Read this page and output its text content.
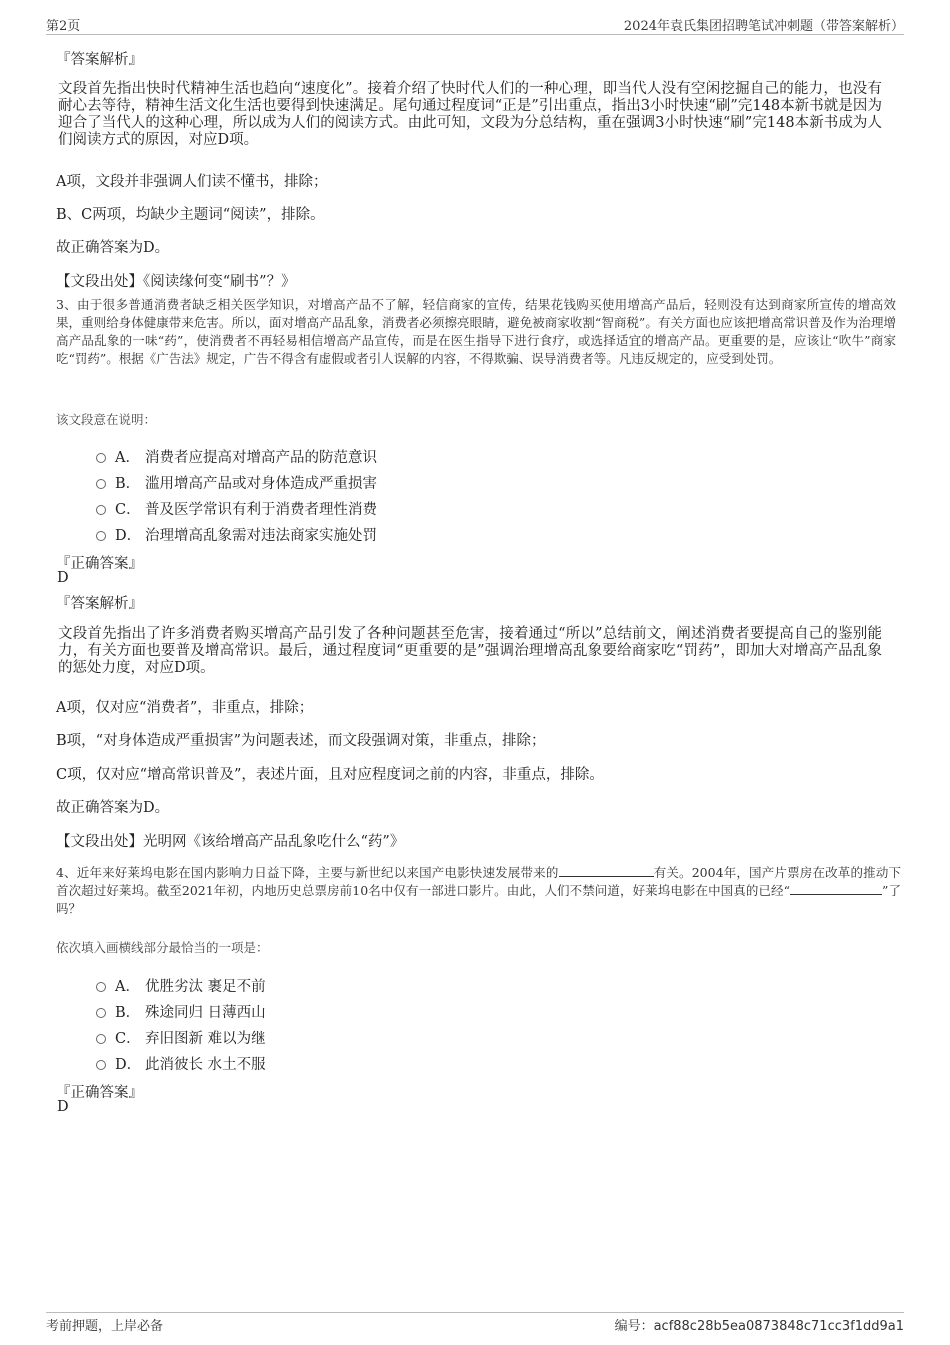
第2页	2024年袁氏集团招聘笔试冲刺题（带答案解析）
『答案解析』

文段首先指出快时代精神生活也趋向“速度化”。接着介绍了快时代人们的一种心理，即当代人没有空闲挖掘自己的能力，也没有耐心去等待，精神生活文化生活也要得到快速满足。尾句通过程度词“正是”引出重点，指出3小时快速“刷”完148本新书就是因为迎合了当代人的这种心理，所以成为人们的阅读方式。由此可知，文段为分总结构，重在强调3小时快速“刷”完148本新书成为人们阅读方式的原因，对应D项。

A项，文段并非强调人们读不懂书，排除；
B、C两项，均缺少主题词“阅读”，排除。
故正确答案为D。
【文段出处】《阅读缘何变“刷书”？》

3、由于很多普通消费者缺乏相关医学知识，对增高产品不了解，轻信商家的宣传，结果花钱购买使用增高产品后，轻则没有达到商家所宣传的增高效果，重则给身体健康带来危害。所以，面对增高产品乱象，消费者必须擦亮眼睛，避免被商家收割“智商税”。有关方面也应该把增高常识普及作为治理增高产品乱象的一味“药”，使消费者不再轻易相信增高产品宣传，而是在医生指导下进行食疗，或选择适宜的增高产品。更重要的是，应该让“吹牛”商家吃“罚药”。根据《广告法》规定，广告不得含有虚假或者引人误解的内容，不得欺骗、误导消费者等。凡违反规定的，应受到处罚。

该文段意在说明：
A． 消费者应提高对增高产品的防范意识
B． 滥用增高产品或对身体造成严重损害
C． 普及医学常识有利于消费者理性消费
D． 治理增高乱象需对违法商家实施处罚
『正确答案』
D
『答案解析』

文段首先指出了许多消费者购买增高产品引发了各种问题甚至危害，接着通过“所以”总结前文，阐述消费者要提高自己的鉴别能力，有关方面也要普及增高常识。最后，通过程度词“更重要的是”强调治理增高乱象要给商家吃“罚药”，即加大对增高产品乱象的惩处力度，对应D项。

A项，仅对应“消费者”，非重点，排除；
B项，“对身体造成严重损害”为问题表述，而文段强调对策，非重点，排除；
C项，仅对应“增高常识普及”，表述片面，且对应程度词之前的内容，非重点，排除。
故正确答案为D。
【文段出处】光明网《该给增高产品乱象吃什么“药”》

4、近年来好莱坞电影在国内影响力日益下降，主要与新世纪以来国产电影快速发展带来的	有关。2004年，国产片票房在改革的推动下首次超过好莱坞。截至2021年初，内地历史总票房前10名中仅有一部进口影片。由此，人们不禁问道，好莱坞电影在中国真的已经“	”了吗？

依次填入画横线部分最恰当的一项是：
A． 优胜劣汰 裹足不前
B． 殊途同归 日薄西山
C． 弃旧图新 难以为继
D． 此消彼长 水土不服
『正确答案』
D
考前押题，上岸必备	编号：acf88c28b5ea0873848c71cc3f1dd9a1
